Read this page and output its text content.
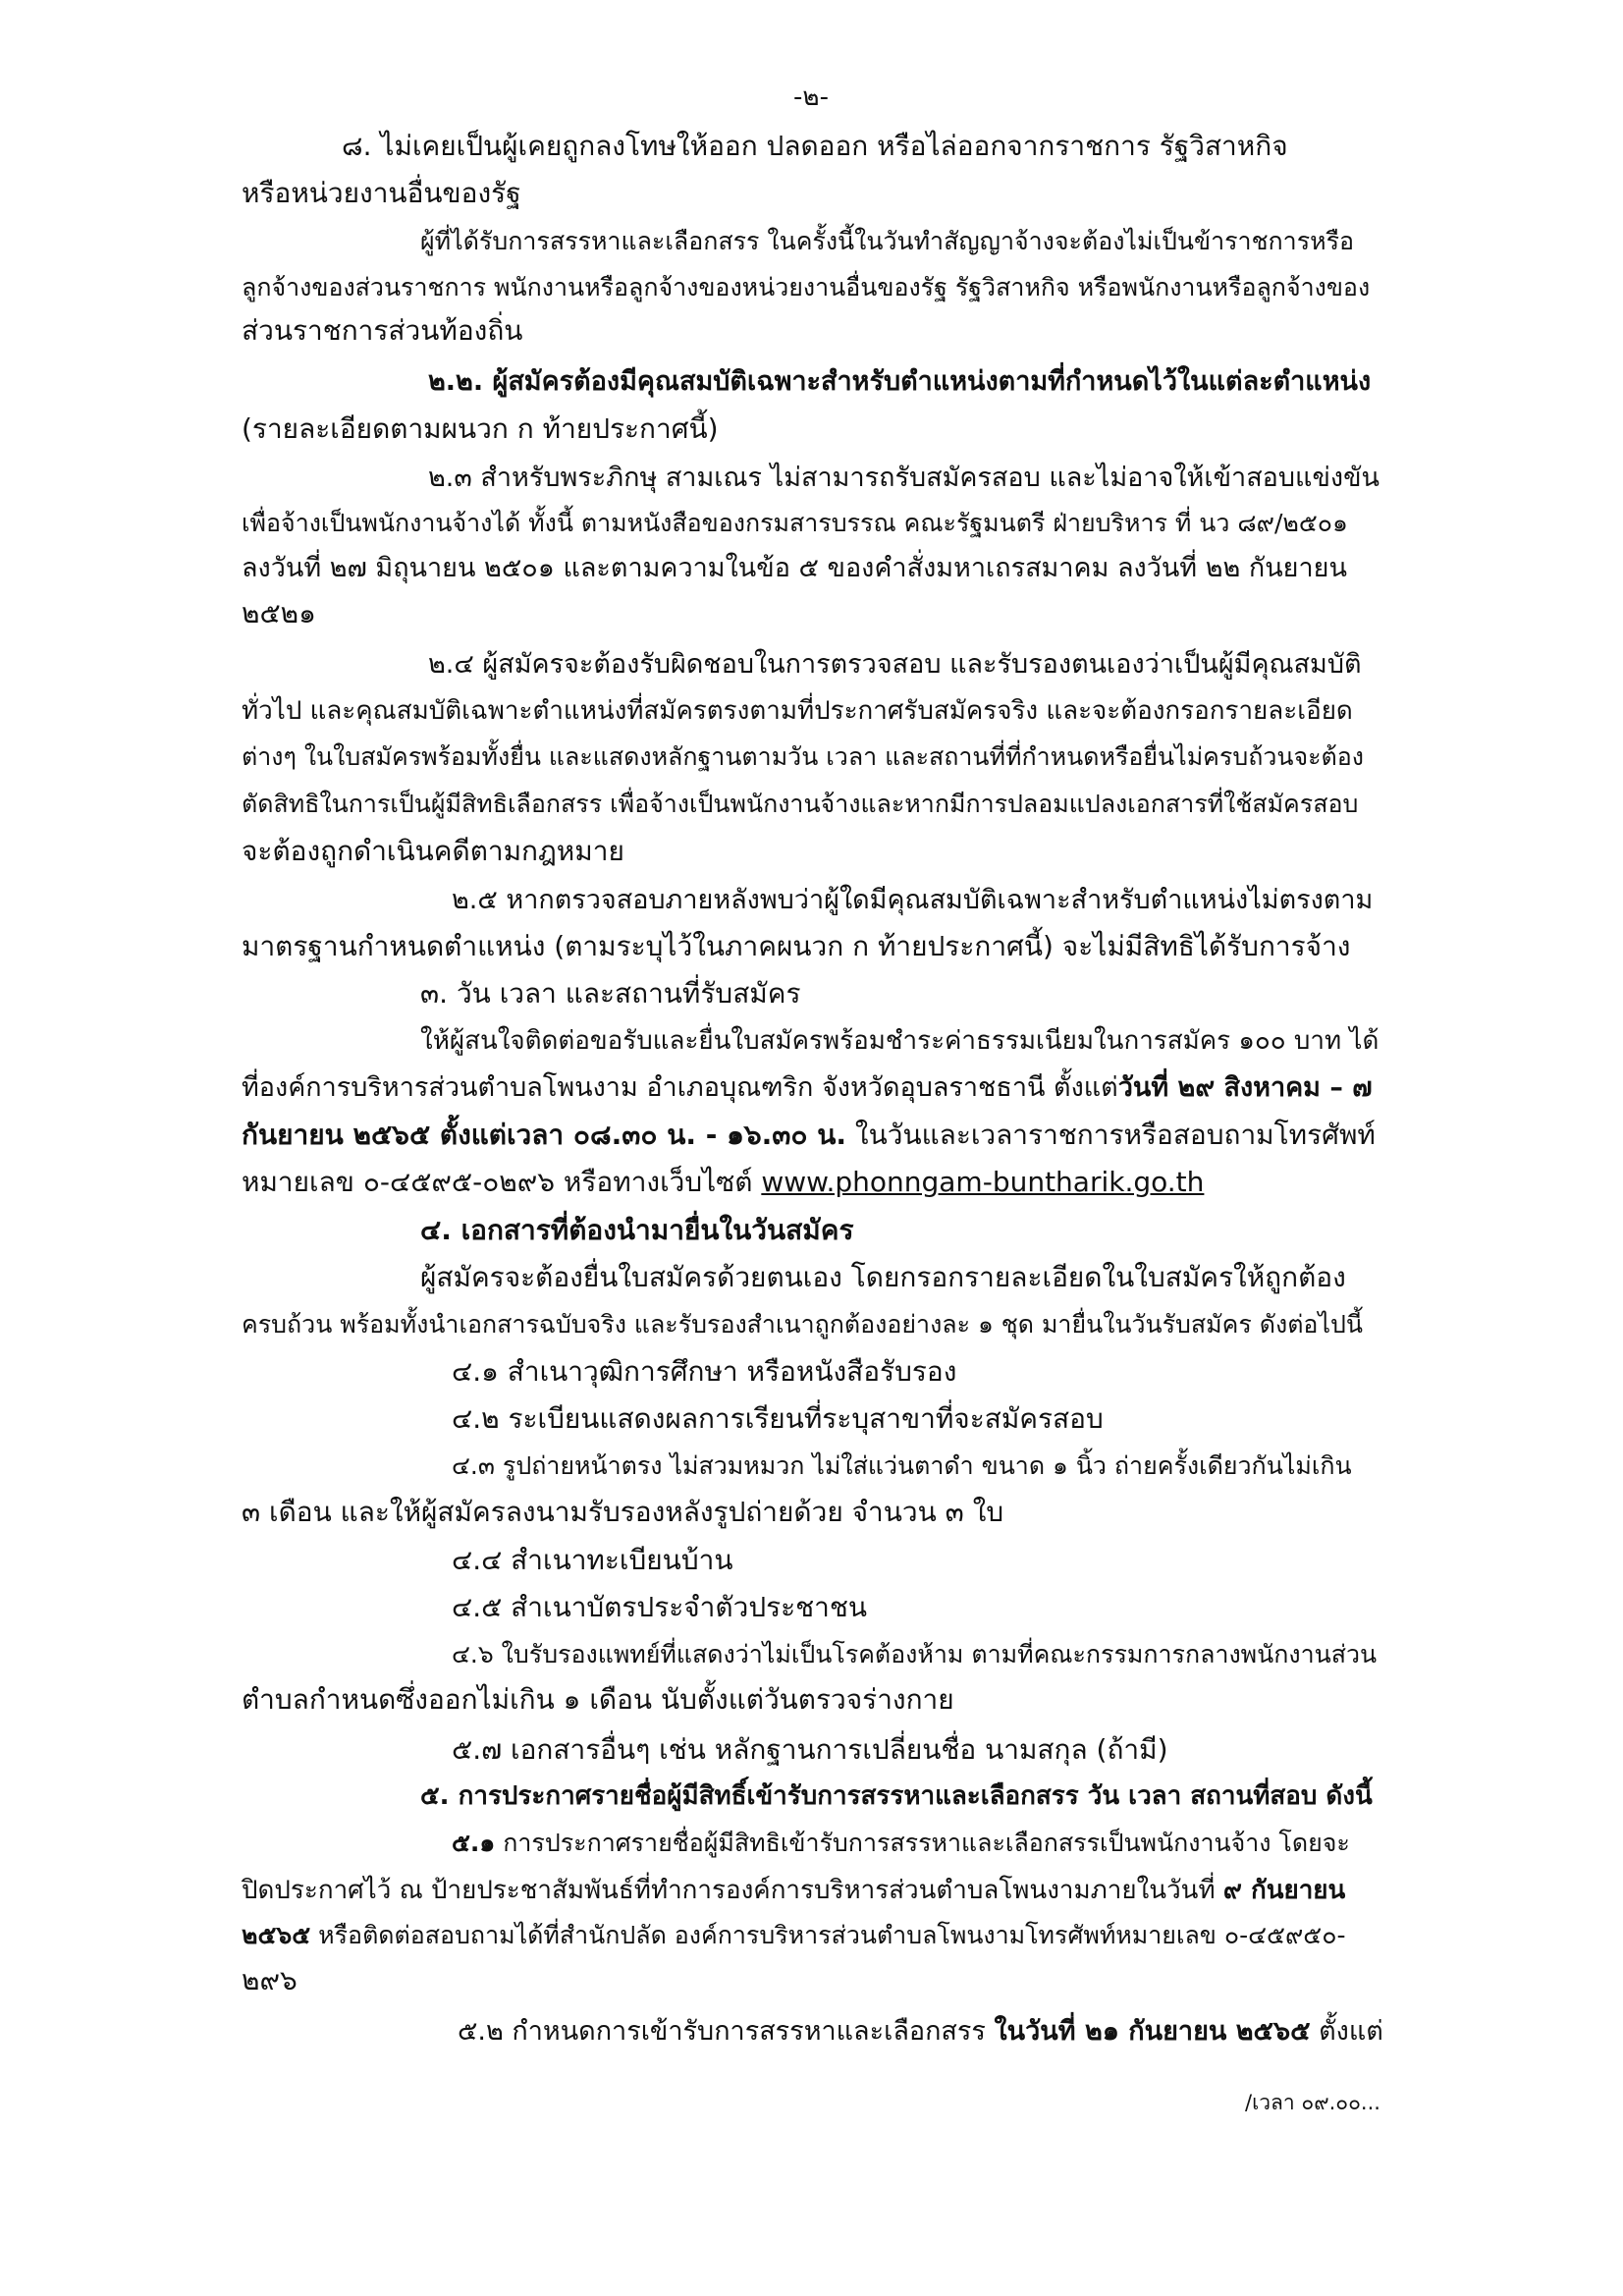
-๒-
๘. ไม่เคยเป็นผู้เคยถูกลงโทษให้ออก ปลดออก หรือไล่ออกจากราชการ รัฐวิสาหกิจ
หรือหน่วยงานอื่นของรัฐ
ผู้ที่ได้รับการสรรหาและเลือกสรร ในครั้งนี้ในวันทำสัญญาจ้างจะต้องไม่เป็นข้าราชการหรือ
ลูกจ้างของส่วนราชการ พนักงานหรือลูกจ้างของหน่วยงานอื่นของรัฐ รัฐวิสาหกิจ หรือพนักงานหรือลูกจ้างของ
ส่วนราชการส่วนท้องถิ่น
๒.๒. ผู้สมัครต้องมีคุณสมบัติเฉพาะสำหรับตำแหน่งตามที่กำหนดไว้ในแต่ละตำแหน่ง
(รายละเอียดตามผนวก ก ท้ายประกาศนี้)
๒.๓ สำหรับพระภิกษุ สามเณร ไม่สามารถรับสมัครสอบ และไม่อาจให้เข้าสอบแข่งขัน
เพื่อจ้างเป็นพนักงานจ้างได้ ทั้งนี้ ตามหนังสือของกรมสารบรรณ คณะรัฐมนตรี ฝ่ายบริหาร ที่ นว ๘๙/๒๕๐๑
ลงวันที่ ๒๗ มิถุนายน ๒๕๐๑ และตามความในข้อ ๕ ของคำสั่งมหาเถรสมาคม ลงวันที่ ๒๒ กันยายน
๒๕๒๑
๒.๔ ผู้สมัครจะต้องรับผิดชอบในการตรวจสอบ และรับรองตนเองว่าเป็นผู้มีคุณสมบัติ
ทั่วไป และคุณสมบัติเฉพาะตำแหน่งที่สมัครตรงตามที่ประกาศรับสมัครจริง และจะต้องกรอกรายละเอียด
ต่างๆ ในใบสมัครพร้อมทั้งยื่น และแสดงหลักฐานตามวัน เวลา และสถานที่ที่กำหนดหรือยื่นไม่ครบถ้วนจะต้อง
ตัดสิทธิในการเป็นผู้มีสิทธิเลือกสรร เพื่อจ้างเป็นพนักงานจ้างและหากมีการปลอมแปลงเอกสารที่ใช้สมัครสอบ
จะต้องถูกดำเนินคดีตามกฎหมาย
๒.๕ หากตรวจสอบภายหลังพบว่าผู้ใดมีคุณสมบัติเฉพาะสำหรับตำแหน่งไม่ตรงตาม
มาตรฐานกำหนดตำแหน่ง (ตามระบุไว้ในภาคผนวก ก ท้ายประกาศนี้) จะไม่มีสิทธิได้รับการจ้าง
๓. วัน เวลา และสถานที่รับสมัคร
ให้ผู้สนใจติดต่อขอรับและยื่นใบสมัครพร้อมชำระค่าธรรมเนียมในการสมัคร ๑๐๐ บาท ได้
ที่องค์การบริหารส่วนตำบลโพนงาม อำเภอบุณฑริก จังหวัดอุบลราชธานี ตั้งแต่วันที่ ๒๙ สิงหาคม – ๗
กันยายน ๒๕๖๕ ตั้งแต่เวลา ๐๘.๓๐ น. - ๑๖.๓๐ น. ในวันและเวลาราชการหรือสอบถามโทรศัพท์
หมายเลข ๐-๔๕๙๕-๐๒๙๖ หรือทางเว็บไซต์ www.phonngam-buntharik.go.th
๔. เอกสารที่ต้องนำมายื่นในวันสมัคร
ผู้สมัครจะต้องยื่นใบสมัครด้วยตนเอง โดยกรอกรายละเอียดในใบสมัครให้ถูกต้อง
ครบถ้วน พร้อมทั้งนำเอกสารฉบับจริง และรับรองสำเนาถูกต้องอย่างละ ๑ ชุด มายื่นในวันรับสมัคร ดังต่อไปนี้
๔.๑ สำเนาวุฒิการศึกษา หรือหนังสือรับรอง
๔.๒ ระเบียนแสดงผลการเรียนที่ระบุสาขาที่จะสมัครสอบ
๔.๓ รูปถ่ายหน้าตรง ไม่สวมหมวก ไม่ใส่แว่นตาดำ ขนาด ๑ นิ้ว ถ่ายครั้งเดียวกันไม่เกิน
๓ เดือน และให้ผู้สมัครลงนามรับรองหลังรูปถ่ายด้วย จำนวน ๓ ใบ
๔.๔ สำเนาทะเบียนบ้าน
๔.๕ สำเนาบัตรประจำตัวประชาชน
๔.๖ ใบรับรองแพทย์ที่แสดงว่าไม่เป็นโรคต้องห้าม ตามที่คณะกรรมการกลางพนักงานส่วน
ตำบลกำหนดซึ่งออกไม่เกิน ๑ เดือน นับตั้งแต่วันตรวจร่างกาย
๕.๗ เอกสารอื่นๆ เช่น หลักฐานการเปลี่ยนชื่อ นามสกุล (ถ้ามี)
๕. การประกาศรายชื่อผู้มีสิทธิ์เข้ารับการสรรหาและเลือกสรร วัน เวลา สถานที่สอบ ดังนี้
๕.๑ การประกาศรายชื่อผู้มีสิทธิเข้ารับการสรรหาและเลือกสรรเป็นพนักงานจ้าง โดยจะ
ปิดประกาศไว้ ณ ป้ายประชาสัมพันธ์ที่ทำการองค์การบริหารส่วนตำบลโพนงามภายในวันที่ ๙ กันยายน
๒๕๖๕ หรือติดต่อสอบถามได้ที่สำนักปลัด องค์การบริหารส่วนตำบลโพนงามโทรศัพท์หมายเลข ๐-๔๕๙๕๐-
๒๙๖
๕.๒ กำหนดการเข้ารับการสรรหาและเลือกสรร ในวันที่ ๒๑ กันยายน ๒๕๖๕ ตั้งแต่
/เวลา ๐๙.๐๐...
